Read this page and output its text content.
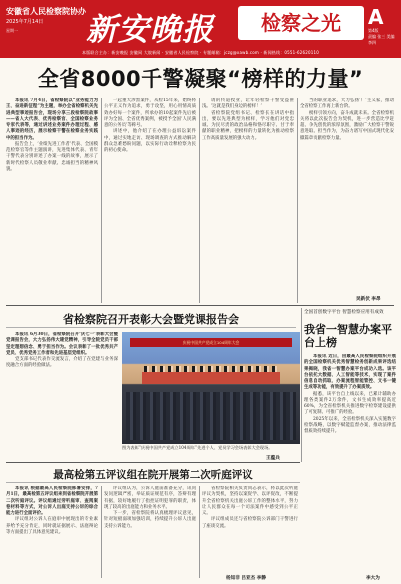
安徽省人民检察院协办
2025年7月14日
星期一 新安晚报	检察之光	A
第4版
责编 张三 美编 李四
本版联合主办：新安晚报 安徽网 大皖新闻 · 安徽省人民检察院 · 专题邮箱：jczg@xawb.com · 新闻热线：0551-62620110
全省8000千警凝聚“榜样的力量”

本报讯 7月4日，省检察院以“业务能力为王、奋进新征程”为主题，举办全省检察机关先进典型事迹报告会，现场分享三段检察院故事——省人大代表、优秀检察官、全国检察业务专家代表等，通过讲述业务案件办理过程、感人事迹的经历，展示检察干警在检察业务实践中的担当作为。

报告会上，‘业绩先进工作者’代表、全国模范检察官等作主题演讲，先进集体代表、青年干警代表分别讲述了办案一线的故事，展示了新时代检察人员敬业奉献、忠诚担当的精神风貌。

一起重大涉黑案件，从检15年来，始终将公平正义作为追求，勇于攻坚，用心用情高质效办好每一个案件，所承办的10起案件先后被评为全国、全省优秀案例，被授予全国‘人民满意的公务员’等称号。

讲述中，他介绍了在办理公益诉讼案件中，通过实地走访、现场调查的方式推动解决群众急难愁盼问题，以实际行动诠释检察为民的初心使命。

请的传道授业，让年轻检察干警受益匪浅。‘这就是我们身边的榜样！’

省检察院党组书记、检察长在讲话中指出，要以先进典型为榜样，学习他们对党忠诚、为民尽责的政治品格和恪尽职守、甘于奉献的职业精神，把榜样的力量转化为推动检察工作高质量发展的强大动力。

当的职业追求，大力弘扬‘厂’主义家，推动全省检察工作再上新台阶。

榜样引领方向，奋斗成就未来。全省检察机关将以此次报告会为契机，进一步营造比学赶超、争先创优的浓厚氛围，激励广大检察干警锐意进取、担当作为，为奋力谱写中国式现代化安徽篇章贡献检察力量。

吴新伏 李昂
省检察院召开表彰大会暨党课报告会

本报讯 6月30日，省检察院召开‘庆七一’表彰大会暨党课报告会，大力弘扬伟大建党精神，引导全院党员干部坚定理想信念、勇于担当作为。会议表彰了一批优秀共产党员、优秀党务工作者和先进基层党组织。

党支部书记代表作交流发言，介绍了在党建与业务深度融合方面的经验做法。

庆祝中国共产党成立104周年大会
图为表彰“庆祝中国共产党成立104周年”先进个人、党员学习会场表彰大会现场。
王蕴兵
全国首创数字平台 智慧检察应用有成效
我省一智慧办案平台上榜

本报讯 近日，由最高人民检察院组织开展的全国检察机关优秀智慧检务创新成果评选结果揭晓，我省一智慧办案平台成功入选。该平台依托大数据、人工智能等技术，实现了案件信息自动抓取、办案流程智能管控、文书一键生成等功能，有效提升了办案质效。

据悉，该平台自上线以来，已累计辅助办理各类案件2万余件，文书生成效率提高近60%，为全省检察机关推进数字检察建设提供了可复制、可推广的经验。

2025年以来，全省检察机关深入实施数字检察战略，以数字赋能监督办案，推动法律监督质效持续提升。

李大为
最高检第五评议组在院开展第二次听庭评议

本报讯 根据最高人民检察院部署安排，7月1日，最高检第五评议组来到省检察院开展第二次听庭评议。评议组通过旁听庭审、查阅案卷材料等方式，对公诉人出庭支持公诉的综合能力进行全面评价。

评议组对公诉人在庭审中展现出的专业素养给予充分肯定，同时就证据展示、法庭辩论等方面提出了具体意见建议。

评议组认为，公诉人庭前准备充分，讯问发问逻辑严密，举证质证规范有序，答辩有理有据，较好地履行了指控证明犯罪的职责，体现了较高的出庭能力和业务水平。

下一步，省检察院将认真梳理评议意见，针对短板弱项加强培训，持续提升公诉人出庭支持公诉能力。

省检察院相关负责同志表示，将以此次听庭评议为契机，坚持以案促学、以评促改，不断提升全省检察机关出庭公诉工作的整体水平，努力让人民群众在每一个司法案件中感受到公平正义。

评议组成员还与省检察院公诉部门干警进行了座谈交流。

杨知非 吕亚杰 李静
